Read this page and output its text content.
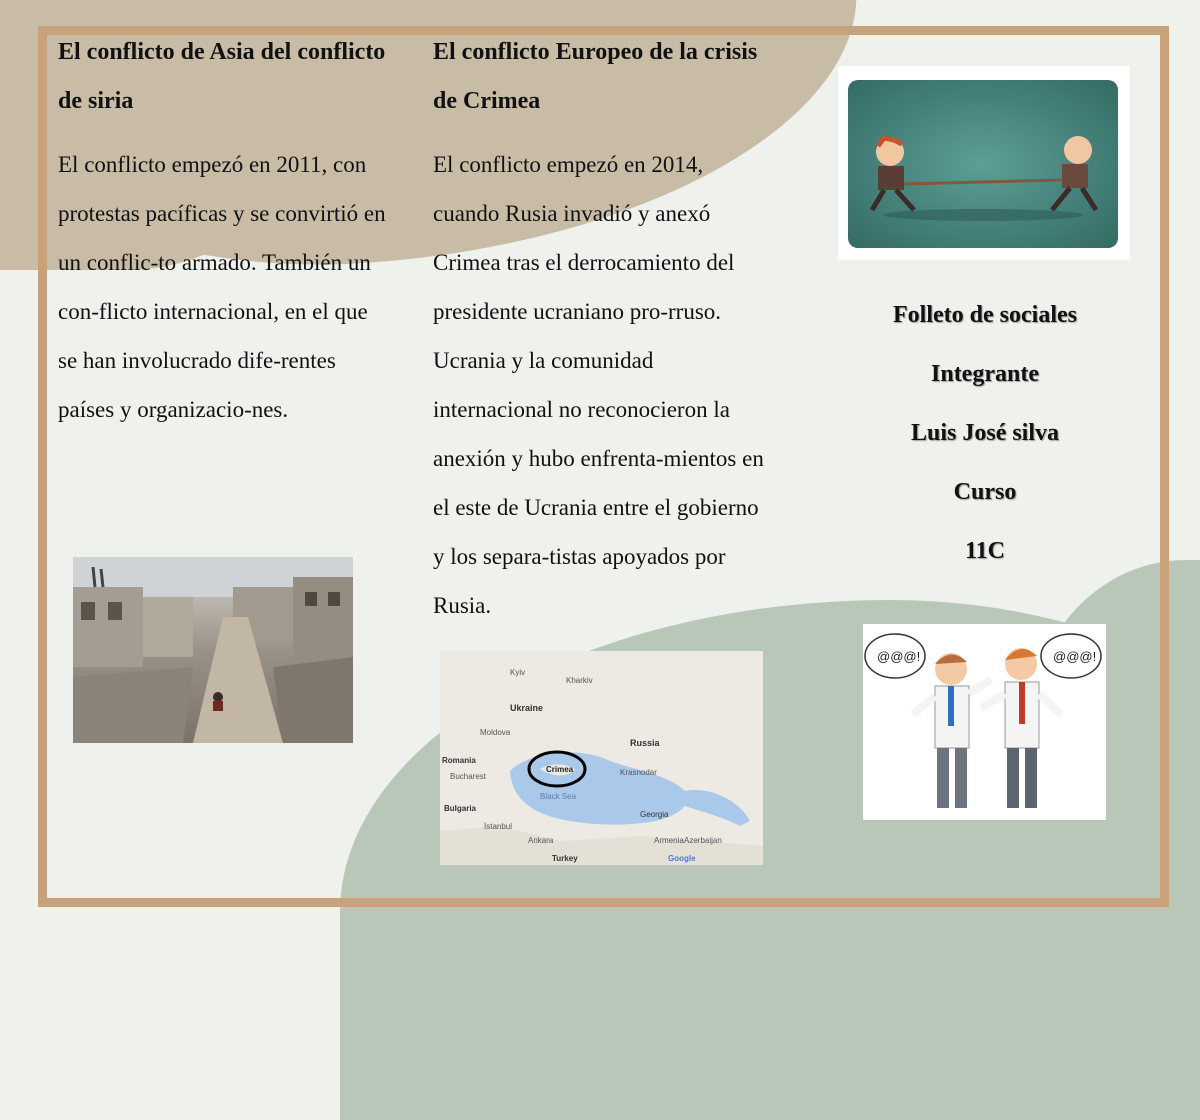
El conflicto de Asia del conflicto de siria

El conflicto empezó en 2011, con protestas pacíficas y se convirtió en un conflic-to armado. También un con-flicto internacional, en el que se han involucrado dife-rentes países y organizacio-nes.

El conflicto Europeo de la crisis de Crimea

El conflicto empezó en 2014, cuando Rusia invadió y anexó Crimea tras el derrocamiento del presidente ucraniano pro-rruso. Ucrania y la comunidad internacional no reconocieron la anexión y hubo enfrenta-mientos en el este de Ucrania entre el gobierno y los separa-tistas apoyados por Rusia.

Ukraine
Russia
Crimea
Romania
Moldova
Bucharest
Bulgaria
Black Sea
Turkey
Georgia
Armenia Azerbaijan
Ankara
İstanbul
Kharkiv
Krasnodar
Kyiv
Google
Folleto de sociales
Integrante
Luis José silva
Curso
11C
@@@!	@@@!
